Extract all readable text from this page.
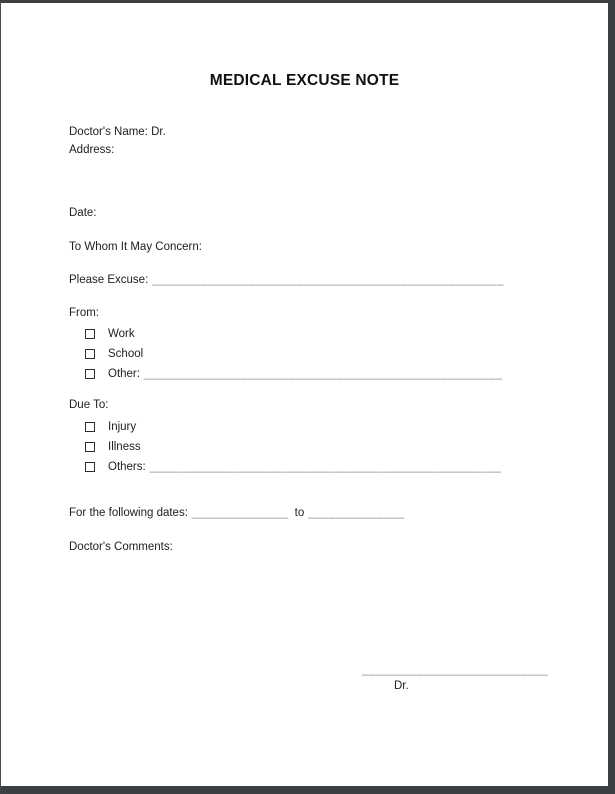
MEDICAL EXCUSE NOTE
Doctor's Name: Dr.
Address:
Date:
To Whom It May Concern:
Please Excuse: ___________________________________________________
From:
Work
School
Other: ____________________________________________________
Due To:
Injury
Illness
Others: ___________________________________________________
For the following dates: ______________ to ______________
Doctor's Comments:
___________________________
Dr.
